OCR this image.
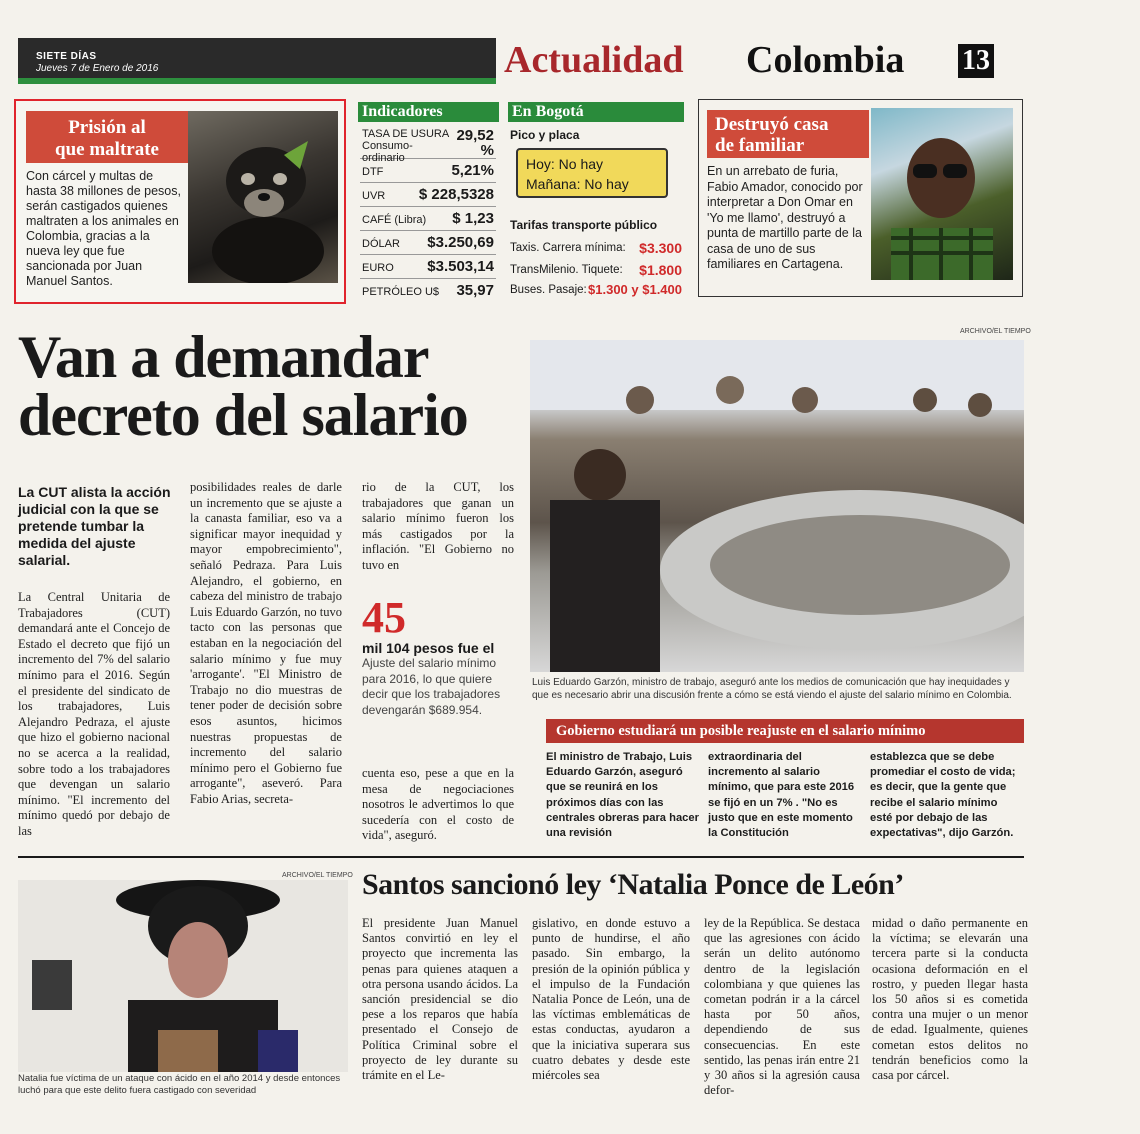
SIETE DÍAS
Jueves 7 de Enero de 2016	Actualidad Colombia 13
Prisión al
que maltrate
Con cárcel y multas de hasta 38 millones de pesos, serán castigados quienes maltraten a los animales en Colombia, gracias a la nueva ley que fue sancionada por Juan Manuel Santos.
Indicadores
TASA DE USURA Consumo-ordinario
29,52 %
DTF	5,21%
UVR $ 228,5328
CAFÉ (Libra) $ 1,23
DÓLAR $3.250,69
EURO $3.503,14
PETRÓLEO U$ 35,97
En Bogotá
Pico y placa
Hoy: No hay
Mañana: No hay
Tarifas transporte público
Taxis. Carrera mínima: $3.300
TransMilenio. Tiquete: $1.800
Buses. Pasaje: $1.300 y $1.400
Destruyó casa
de familiar
En un arrebato de furia, Fabio Amador, conocido por interpretar a Don Omar en 'Yo me llamo', destruyó a punta de martillo parte de la casa de uno de sus familiares en Cartagena.
Van a demandar
decreto del salario
La CUT alista la acción judicial con la que se pretende tumbar la medida del ajuste salarial.
La Central Unitaria de Trabajadores (CUT) demandará ante el Concejo de Estado el decreto que fijó un incremento del 7% del salario mínimo para el 2016. Según el presidente del sindicato de los trabajadores, Luis Alejandro Pedraza, el ajuste que hizo el gobierno nacional no se acerca a la realidad, sobre todo a los trabajadores que devengan un salario mínimo. "El incremento del mínimo quedó por debajo de las
posibilidades reales de darle un incremento que se ajuste a la canasta familiar, eso va a significar mayor inequidad y mayor empobrecimiento", señaló Pedraza. Para Luis Alejandro, el gobierno, en cabeza del ministro de trabajo Luis Eduardo Garzón, no tuvo tacto con las personas que estaban en la negociación del salario mínimo y fue muy 'arrogante'. "El Ministro de Trabajo no dio muestras de tener poder de decisión sobre esos asuntos, hicimos nuestras propuestas de incremento del salario mínimo pero el Gobierno fue arrogante", aseveró. Para Fabio Arias, secreta-
rio de la CUT, los trabajadores que ganan un salario mínimo fueron los más castigados por la inflación. "El Gobierno no tuvo en
45
mil 104 pesos fue el
Ajuste del salario mínimo para 2016, lo que quiere decir que los trabajadores devengarán $689.954.
cuenta eso, pese a que en la mesa de negociaciones nosotros le advertimos lo que sucedería con el costo de vida", aseguró.
ARCHIVO/EL TIEMPO
Luis Eduardo Garzón, ministro de trabajo, aseguró ante los medios de comunicación que hay inequidades y que es necesario abrir una discusión frente a cómo se está viendo el ajuste del salario mínimo en Colombia.
Gobierno estudiará un posible reajuste en el salario mínimo
El ministro de Trabajo, Luis Eduardo Garzón, aseguró que se reunirá en los próximos días con las centrales obreras para hacer una revisión
extraordinaria del incremento al salario mínimo, que para este 2016 se fijó en un 7% . "No es justo que en este momento la Constitución
establezca que se debe promediar el costo de vida; es decir, que la gente que recibe el salario mínimo esté por debajo de las expectativas", dijo Garzón.
ARCHIVO/EL TIEMPO
Natalia fue víctima de un ataque con ácido en el año 2014 y desde entonces luchó para que este delito fuera castigado con severidad
Santos sancionó ley ‘Natalia Ponce de León’
El presidente Juan Manuel Santos convirtió en ley el proyecto que incrementa las penas para quienes ataquen a otra persona usando ácidos. La sanción presidencial se dio pese a los reparos que había presentado el Consejo de Política Criminal sobre el proyecto de ley durante su trámite en el Le-
gislativo, en donde estuvo a punto de hundirse, el año pasado. Sin embargo, la presión de la opinión pública y el impulso de la Fundación Natalia Ponce de León, una de las víctimas emblemáticas de estas conductas, ayudaron a que la iniciativa superara sus cuatro debates y desde este miércoles sea
ley de la República. Se destaca que las agresiones con ácido serán un delito autónomo dentro de la legislación colombiana y que quienes las cometan podrán ir a la cárcel hasta por 50 años, dependiendo de sus consecuencias. En este sentido, las penas irán entre 21 y 30 años si la agresión causa defor-
midad o daño permanente en la víctima; se elevarán una tercera parte si la conducta ocasiona deformación en el rostro, y pueden llegar hasta los 50 años si es cometida contra una mujer o un menor de edad. Igualmente, quienes cometan estos delitos no tendrán beneficios como la casa por cárcel.
